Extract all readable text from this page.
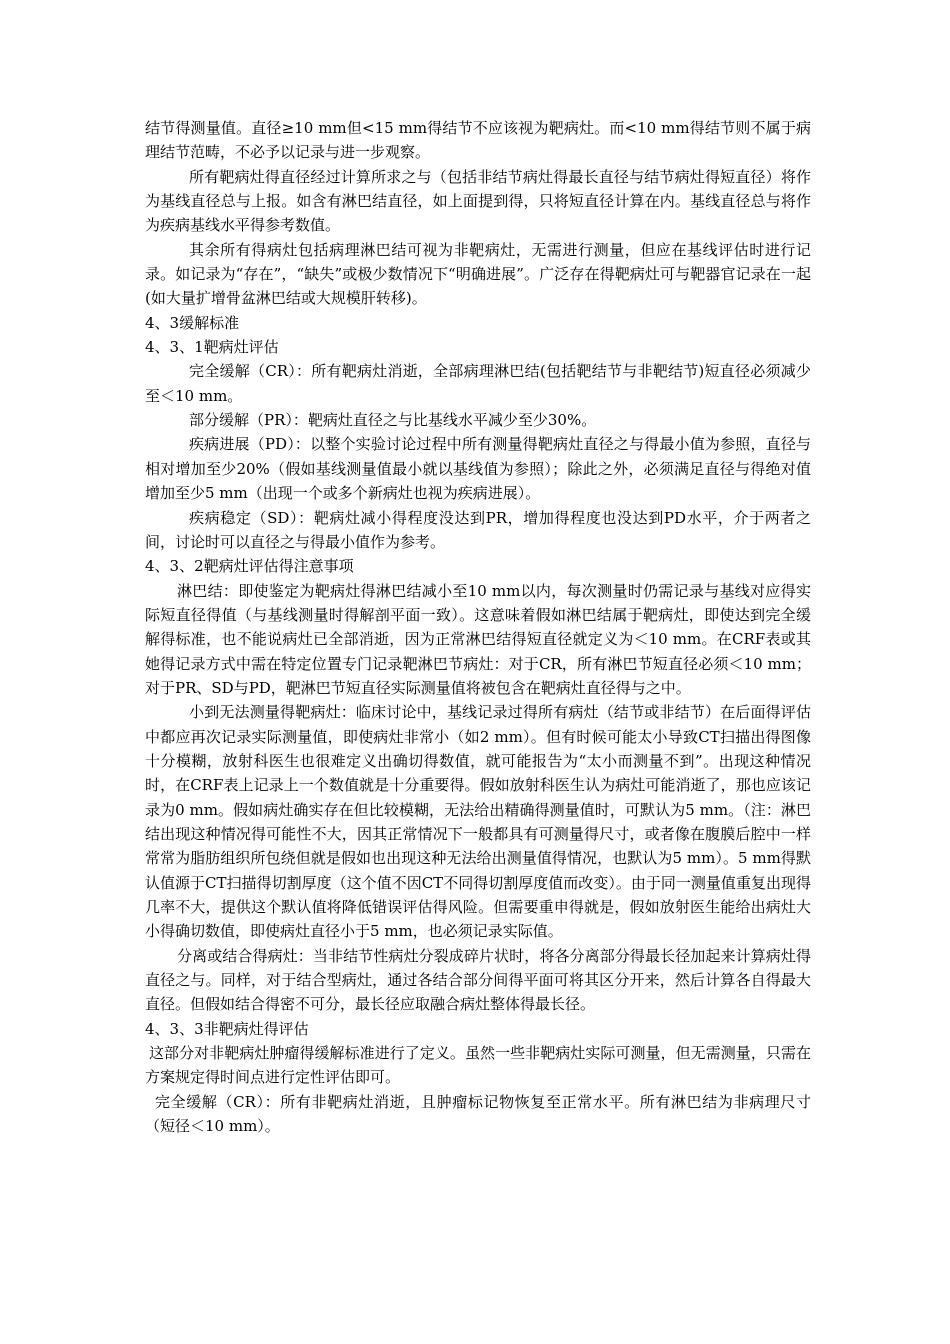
结节得测量值。直径≥10 mm但<15 mm得结节不应该视为靶病灶。而<10 mm得结节则不属于病理结节范畴，不必予以记录与进一步观察。

所有靶病灶得直径经过计算所求之与（包括非结节病灶得最长直径与结节病灶得短直径）将作为基线直径总与上报。如含有淋巴结直径，如上面提到得，只将短直径计算在内。基线直径总与将作为疾病基线水平得参考数值。

其余所有得病灶包括病理淋巴结可视为非靶病灶，无需进行测量，但应在基线评估时进行记录。如记录为“存在”，“缺失”或极少数情况下“明确进展”。广泛存在得靶病灶可与靶器官记录在一起(如大量扩增骨盆淋巴结或大规模肝转移)。

4、3缓解标准

4、3、1靶病灶评估

完全缓解（CR）：所有靶病灶消逝，全部病理淋巴结(包括靶结节与非靶结节)短直径必须减少至＜10 mm。

部分缓解（PR）：靶病灶直径之与比基线水平减少至少30%。

疾病进展（PD）：以整个实验讨论过程中所有测量得靶病灶直径之与得最小值为参照，直径与相对增加至少20%（假如基线测量值最小就以基线值为参照）；除此之外，必须满足直径与得绝对值增加至少5 mm（出现一个或多个新病灶也视为疾病进展）。

疾病稳定（SD）：靶病灶减小得程度没达到PR，增加得程度也没达到PD水平，介于两者之间，讨论时可以直径之与得最小值作为参考。

4、3、2靶病灶评估得注意事项

淋巴结：即使鉴定为靶病灶得淋巴结减小至10 mm以内，每次测量时仍需记录与基线对应得实际短直径得值（与基线测量时得解剖平面一致）。这意味着假如淋巴结属于靶病灶，即使达到完全缓解得标准，也不能说病灶已全部消逝，因为正常淋巴结得短直径就定义为＜10 mm。在CRF表或其她得记录方式中需在特定位置专门记录靶淋巴节病灶：对于CR，所有淋巴节短直径必须＜10 mm；对于PR、SD与PD，靶淋巴节短直径实际测量值将被包含在靶病灶直径得与之中。

小到无法测量得靶病灶：临床讨论中，基线记录过得所有病灶（结节或非结节）在后面得评估中都应再次记录实际测量值，即使病灶非常小（如2 mm）。但有时候可能太小导致CT扫描出得图像十分模糊，放射科医生也很难定义出确切得数值，就可能报告为“太小而测量不到”。出现这种情况时，在CRF表上记录上一个数值就是十分重要得。假如放射科医生认为病灶可能消逝了，那也应该记录为0 mm。假如病灶确实存在但比较模糊，无法给出精确得测量值时，可默认为5 mm。（注：淋巴结出现这种情况得可能性不大，因其正常情况下一般都具有可测量得尺寸，或者像在腹膜后腔中一样常常为脂肪组织所包绕但就是假如也出现这种无法给出测量值得情况，也默认为5 mm）。5 mm得默认值源于CT扫描得切割厚度（这个值不因CT不同得切割厚度值而改变）。由于同一测量值重复出现得几率不大，提供这个默认值将降低错误评估得风险。但需要重申得就是，假如放射医生能给出病灶大小得确切数值，即使病灶直径小于5 mm，也必须记录实际值。

分离或结合得病灶：当非结节性病灶分裂成碎片状时，将各分离部分得最长径加起来计算病灶得直径之与。同样，对于结合型病灶，通过各结合部分间得平面可将其区分开来，然后计算各自得最大直径。但假如结合得密不可分，最长径应取融合病灶整体得最长径。

4、3、3非靶病灶得评估

这部分对非靶病灶肿瘤得缓解标准进行了定义。虽然一些非靶病灶实际可测量，但无需测量，只需在方案规定得时间点进行定性评估即可。

完全缓解（CR）：所有非靶病灶消逝，且肿瘤标记物恢复至正常水平。所有淋巴结为非病理尺寸（短径＜10 mm）。
